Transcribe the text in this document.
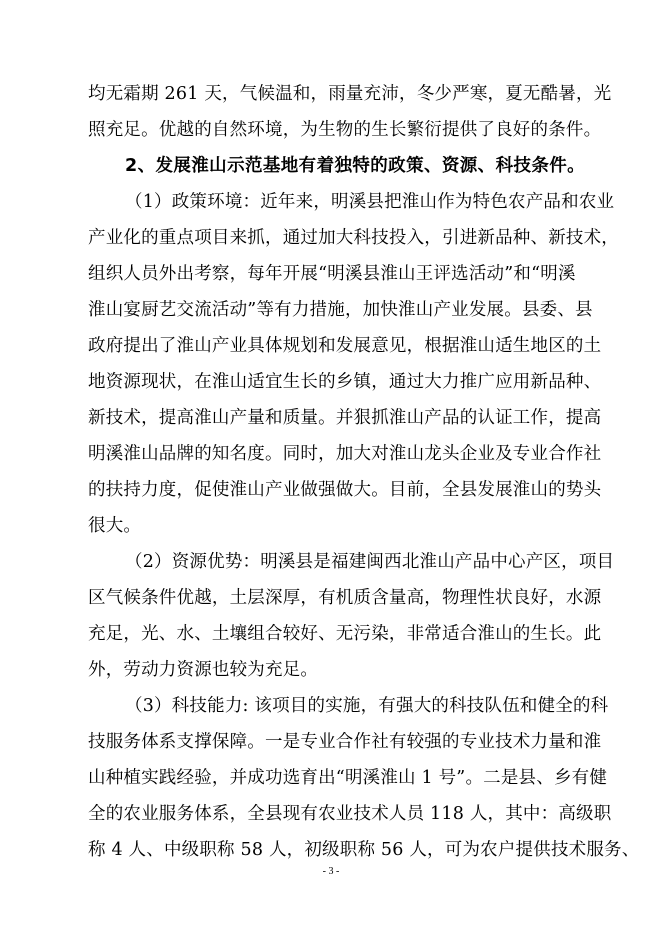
均无霜期 261 天，气候温和，雨量充沛，冬少严寒，夏无酷暑，光
照充足。优越的自然环境，为生物的生长繁衍提供了良好的条件。
2、发展淮山示范基地有着独特的政策、资源、科技条件。
（1）政策环境：近年来，明溪县把淮山作为特色农产品和农业
产业化的重点项目来抓，通过加大科技投入，引进新品种、新技术，
组织人员外出考察，每年开展“明溪县淮山王评选活动”和“明溪
淮山宴厨艺交流活动”等有力措施，加快淮山产业发展。县委、县
政府提出了淮山产业具体规划和发展意见，根据淮山适生地区的土
地资源现状，在淮山适宜生长的乡镇，通过大力推广应用新品种、
新技术，提高淮山产量和质量。并狠抓淮山产品的认证工作，提高
明溪淮山品牌的知名度。同时，加大对淮山龙头企业及专业合作社
的扶持力度，促使淮山产业做强做大。目前，全县发展淮山的势头
很大。
（2）资源优势：明溪县是福建闽西北淮山产品中心产区，项目
区气候条件优越，土层深厚，有机质含量高，物理性状良好，水源
充足，光、水、土壤组合较好、无污染，非常适合淮山的生长。此
外，劳动力资源也较为充足。
（3）科技能力: 该项目的实施，有强大的科技队伍和健全的科
技服务体系支撑保障。一是专业合作社有较强的专业技术力量和淮
山种植实践经验，并成功选育出“明溪淮山 1 号”。二是县、乡有健
全的农业服务体系，全县现有农业技术人员 118 人，其中：高级职
称 4 人、中级职称 58 人，初级职称 56 人，可为农户提供技术服务、
- 3 -
